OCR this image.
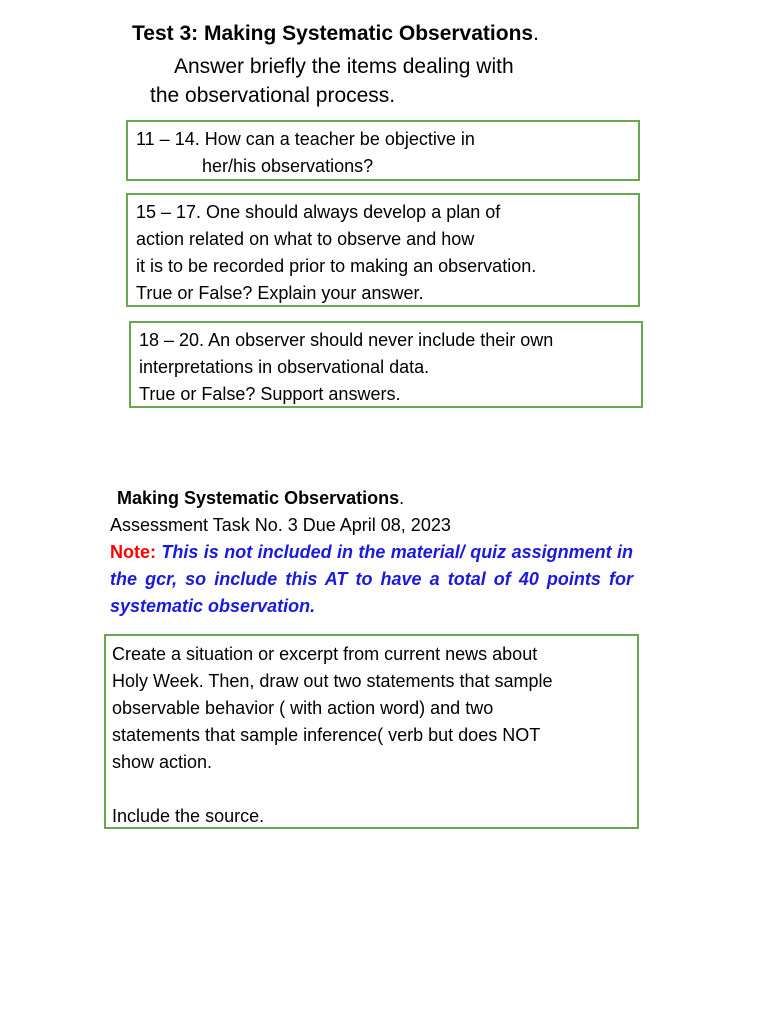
Test 3: Making Systematic Observations.
Answer briefly the items dealing with
the observational process.
11 – 14. How can a teacher be objective in
her/his observations?
15 – 17. One should always develop a plan of
action related on what to observe and how
it is to be recorded prior to making an observation.
True or False? Explain your answer.
18 – 20. An observer should never include their own
interpretations in observational data.
True or False? Support answers.
Making Systematic Observations.
Assessment Task No. 3 Due April 08, 2023
Note: This is not included in the material/ quiz assignment in the gcr, so include this AT to have a total of 40 points for systematic observation.
Create a situation or excerpt from current news about
Holy Week. Then, draw out two statements that sample
observable behavior ( with action word) and two
statements that sample inference( verb but does NOT
show action.

Include the source.
